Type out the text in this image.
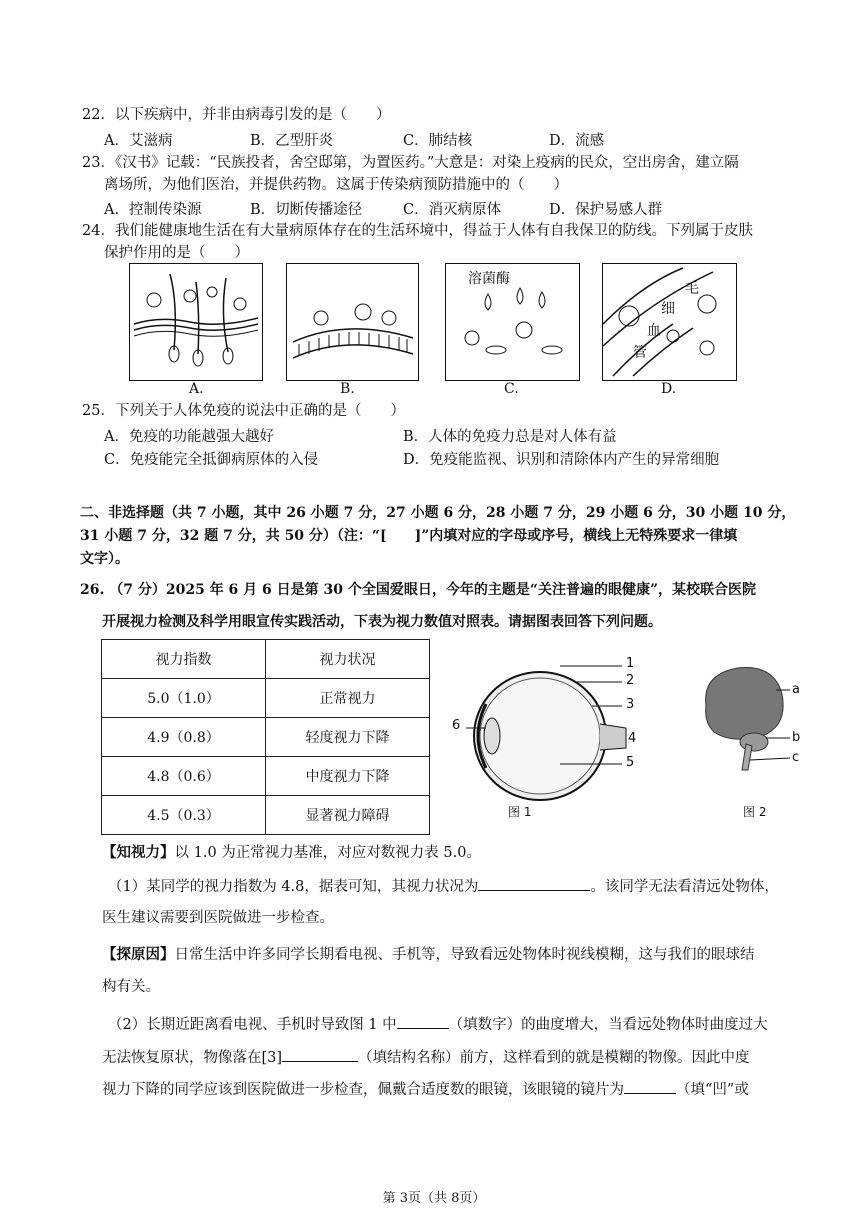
22．以下疾病中，并非由病毒引发的是（　　）
A．艾滋病	B．乙型肝炎	C．肺结核	D．流感
23．《汉书》记载：“民族投者，舍空邸第，为置医药。”大意是：对染上疫病的民众，空出房舍，建立隔
离场所，为他们医治，并提供药物。这属于传染病预防措施中的（　　）
A．控制传染源	B．切断传播途径	C．消灭病原体	D．保护易感人群
24．我们能健康地生活在有大量病原体存在的生活环境中，得益于人体有自我保卫的防线。下列属于皮肤
保护作用的是（　　）
A.	B.
溶菌酶
C.
毛
细
血
管
D.
25．下列关于人体免疫的说法中正确的是（　　）
A．免疫的功能越强大越好	B．人体的免疫力总是对人体有益
C．免疫能完全抵御病原体的入侵	D．免疫能监视、识别和清除体内产生的异常细胞
二、非选择题（共 7 小题，其中 26 小题 7 分，27 小题 6 分，28 小题 7 分，29 小题 6 分，30 小题 10 分，
31 小题 7 分，32 题 7 分，共 50 分）（注：“[　　]”内填对应的字母或序号，横线上无特殊要求一律填
文字）。
26. （7 分）2025 年 6 月 6 日是第 30 个全国爱眼日，今年的主题是“关注普遍的眼健康”，某校联合医院
开展视力检测及科学用眼宣传实践活动，下表为视力数值对照表。请据图表回答下列问题。
视力指数	视力状况
5.0（1.0）	正常视力
4.9（0.8）	轻度视力下降
4.8（0.6）	中度视力下降
4.5（0.3）	显著视力障碍
1
2
3
4
5
6
图 1
a
b
c
图 2
【知视力】以 1.0 为正常视力基准，对应对数视力表 5.0。
（1）某同学的视力指数为 4.8，据表可知，其视力状况为	。该同学无法看清远处物体，
医生建议需要到医院做进一步检查。
【探原因】日常生活中许多同学长期看电视、手机等，导致看远处物体时视线模糊，这与我们的眼球结
构有关。
（2）长期近距离看电视、手机时导致图 1 中	（填数字）的曲度增大，当看远处物体时曲度过大
无法恢复原状，物像落在[3]	（填结构名称）前方，这样看到的就是模糊的物像。因此中度
视力下降的同学应该到医院做进一步检查，佩戴合适度数的眼镜，该眼镜的镜片为	（填“凹”或
第 3页（共 8页）
